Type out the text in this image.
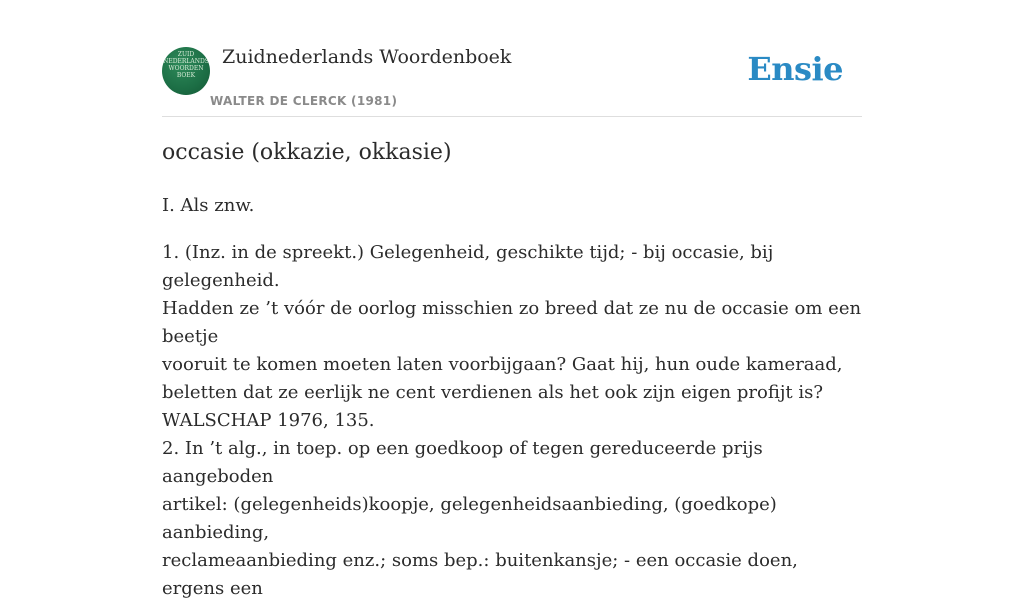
ZUID
NEDERLANDS
WOORDEN
BOEK
Zuidnederlands Woordenboek
WALTER DE CLERCK (1981)
Ensie
occasie (okkazie, okkasie)
I. Als znw.
1. (Inz. in de spreekt.) Gelegenheid, geschikte tijd; - bij occasie, bij gelegenheid.
Hadden ze ’t vóór de oorlog misschien zo breed dat ze nu de occasie om een beetje
vooruit te komen moeten laten voorbijgaan? Gaat hij, hun oude kameraad,
beletten dat ze eerlijk ne cent verdienen als het ook zijn eigen profijt is?
WALSCHAP 1976, 135.
2. In ’t alg., in toep. op een goedkoop of tegen gereduceerde prijs aangeboden
artikel: (gelegenheids)koopje, gelegenheidsaanbieding, (goedkope) aanbieding,
reclameaanbieding enz.; soms bep.: buitenkansje; - een occasie doen, ergens een
